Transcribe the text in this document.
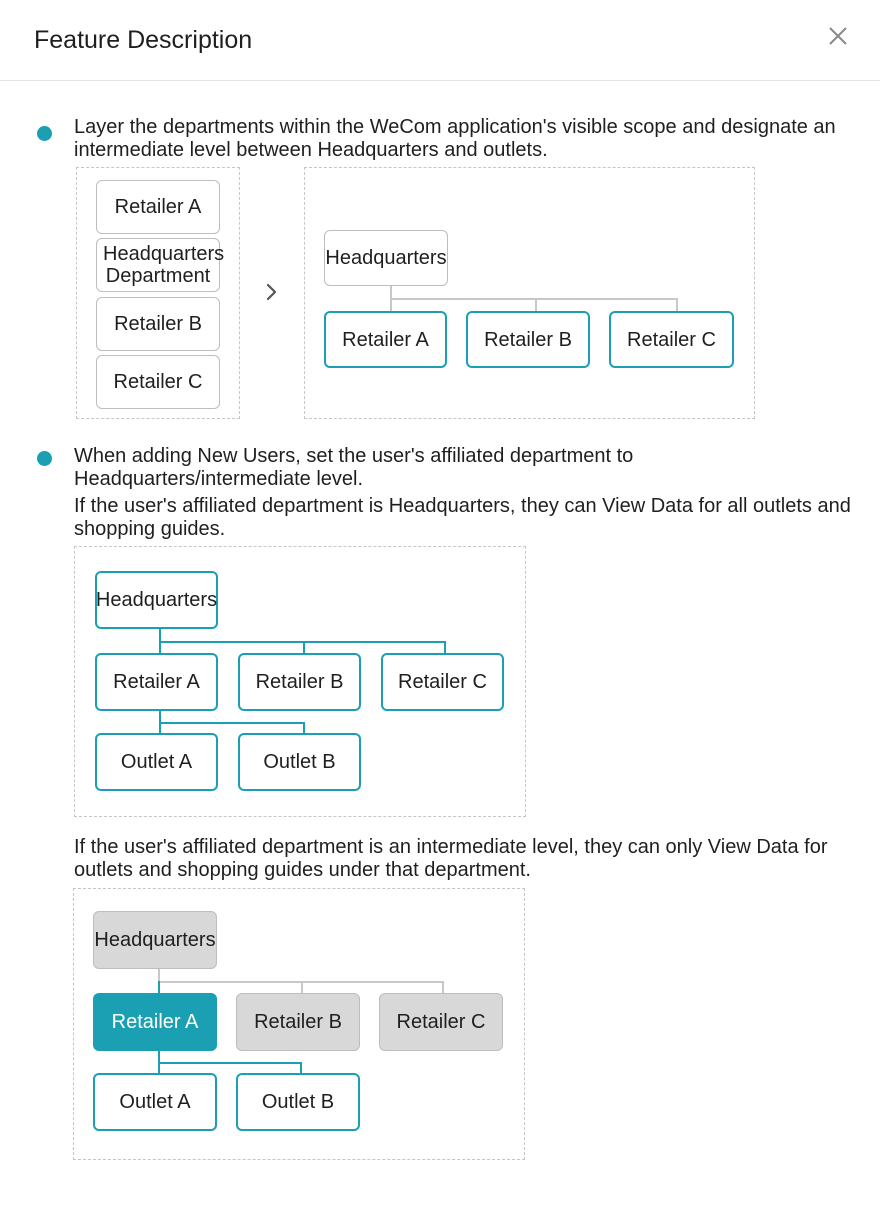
Feature Description
Layer the departments within the WeCom application's visible scope and designate an intermediate level between Headquarters and outlets.
Retailer A
Headquarters Department
Retailer B
Retailer C
Headquarters
Retailer A	Retailer B	Retailer C
When adding New Users, set the user's affiliated department to Headquarters/intermediate level.
If the user's affiliated department is Headquarters, they can View Data for all outlets and shopping guides.
Headquarters
Retailer A	Retailer B	Retailer C
Outlet A	Outlet B
If the user's affiliated department is an intermediate level, they can only View Data for outlets and shopping guides under that department.
Headquarters
Retailer A	Retailer B	Retailer C
Outlet A	Outlet B
